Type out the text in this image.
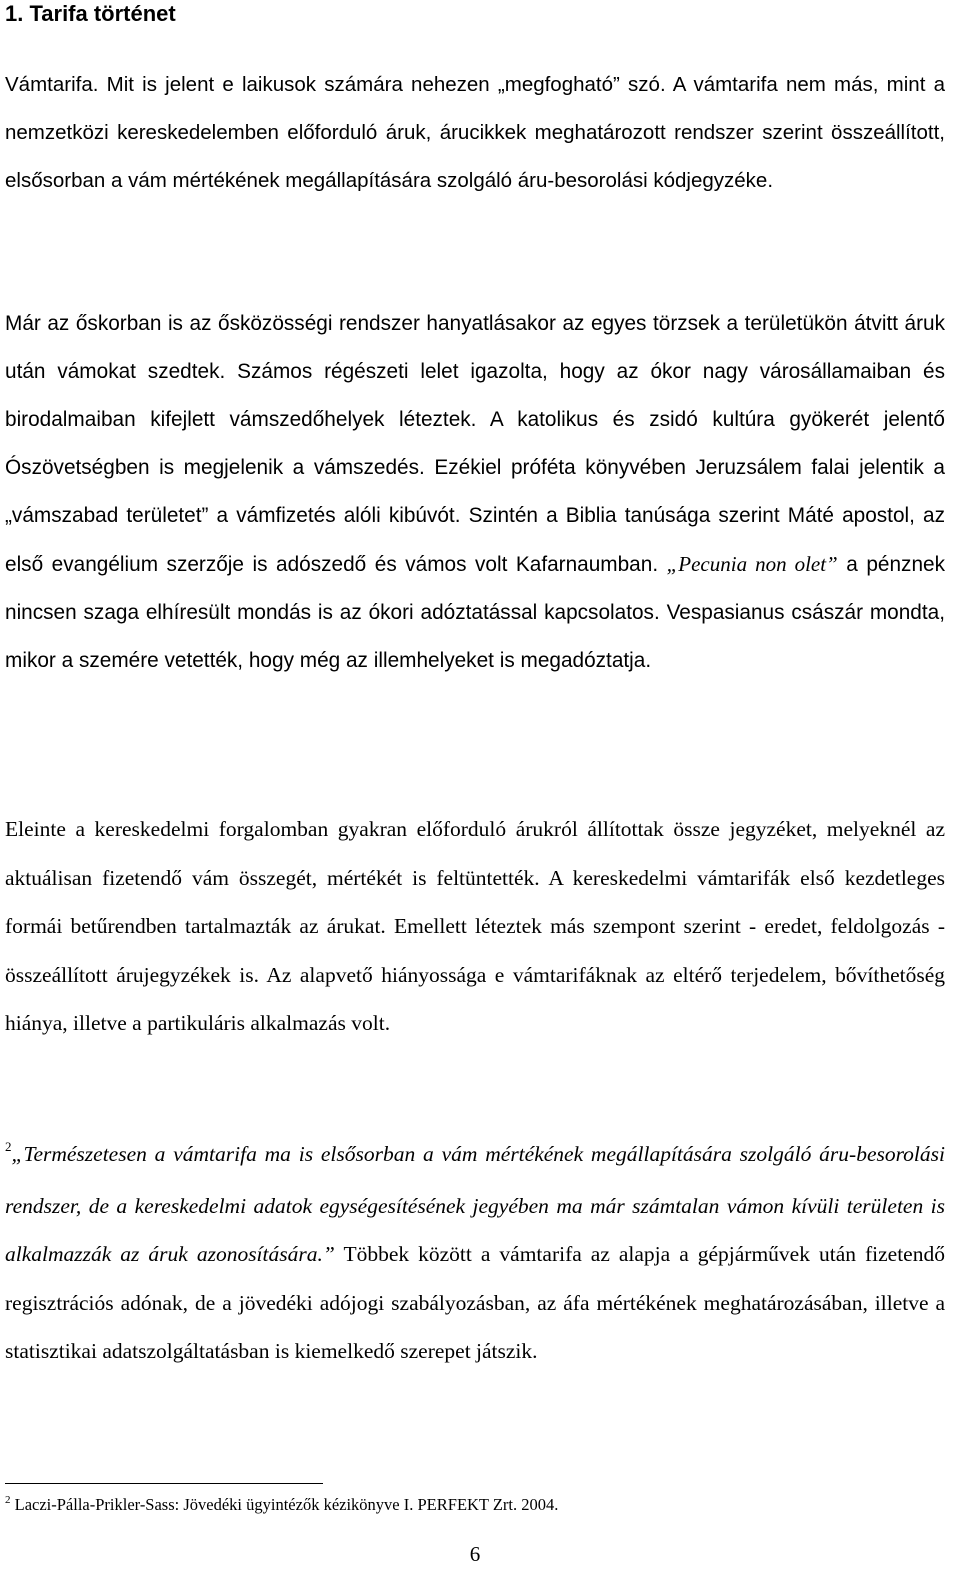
1. Tarifa történet

Vámtarifa. Mit is jelent e laikusok számára nehezen „megfogható” szó. A vámtarifa nem más, mint a nemzetközi kereskedelemben előforduló áruk, árucikkek meghatározott rendszer szerint összeállított, elsősorban a vám mértékének megállapítására szolgáló áru-besorolási kódjegyzéke.

Már az őskorban is az ősközösségi rendszer hanyatlásakor az egyes törzsek a területükön átvitt áruk után vámokat szedtek. Számos régészeti lelet igazolta, hogy az ókor nagy városállamaiban és birodalmaiban kifejlett vámszedőhelyek léteztek. A katolikus és zsidó kultúra gyökerét jelentő Ószövetségben is megjelenik a vámszedés. Ezékiel próféta könyvében Jeruzsálem falai jelentik a „vámszabad területet” a vámfizetés alóli kibúvót. Szintén a Biblia tanúsága szerint Máté apostol, az első evangélium szerzője is adószedő és vámos volt Kafarnaumban. „Pecunia non olet” a pénznek nincsen szaga elhíresült mondás is az ókori adóztatással kapcsolatos. Vespasianus császár mondta, mikor a szemére vetették, hogy még az illemhelyeket is megadóztatja.

Eleinte a kereskedelmi forgalomban gyakran előforduló árukról állítottak össze jegyzéket, melyeknél az aktuálisan fizetendő vám összegét, mértékét is feltüntették. A kereskedelmi vámtarifák első kezdetleges formái betűrendben tartalmazták az árukat. Emellett léteztek más szempont szerint - eredet, feldolgozás - összeállított árujegyzékek is. Az alapvető hiányossága e vámtarifáknak az eltérő terjedelem, bővíthetőség hiánya, illetve a partikuláris alkalmazás volt.

$^2$„Természetesen a vámtarifa ma is elsősorban a vám mértékének megállapítására szolgáló áru-besorolási rendszer, de a kereskedelmi adatok egységesítésének jegyében ma már számtalan vámon kívüli területen is alkalmazzák az áruk azonosítására.” Többek között a vámtarifa az alapja a gépjárművek után fizetendő regisztrációs adónak, de a jövedéki adójogi szabályozásban, az áfa mértékének meghatározásában, illetve a statisztikai adatszolgáltatásban is kiemelkedő szerepet játszik.

$^2$ Laczi-Pálla-Prikler-Sass: Jövedéki ügyintézők kézikönyve I. PERFEKT Zrt. 2004.

6
